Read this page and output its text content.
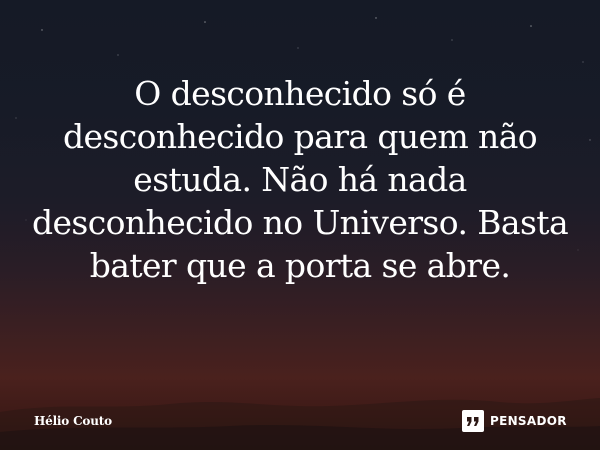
O desconhecido só é desconhecido para quem não estuda. Não há nada desconhecido no Universo. Basta bater que a porta se abre.

Hélio Couto	PENSADOR
